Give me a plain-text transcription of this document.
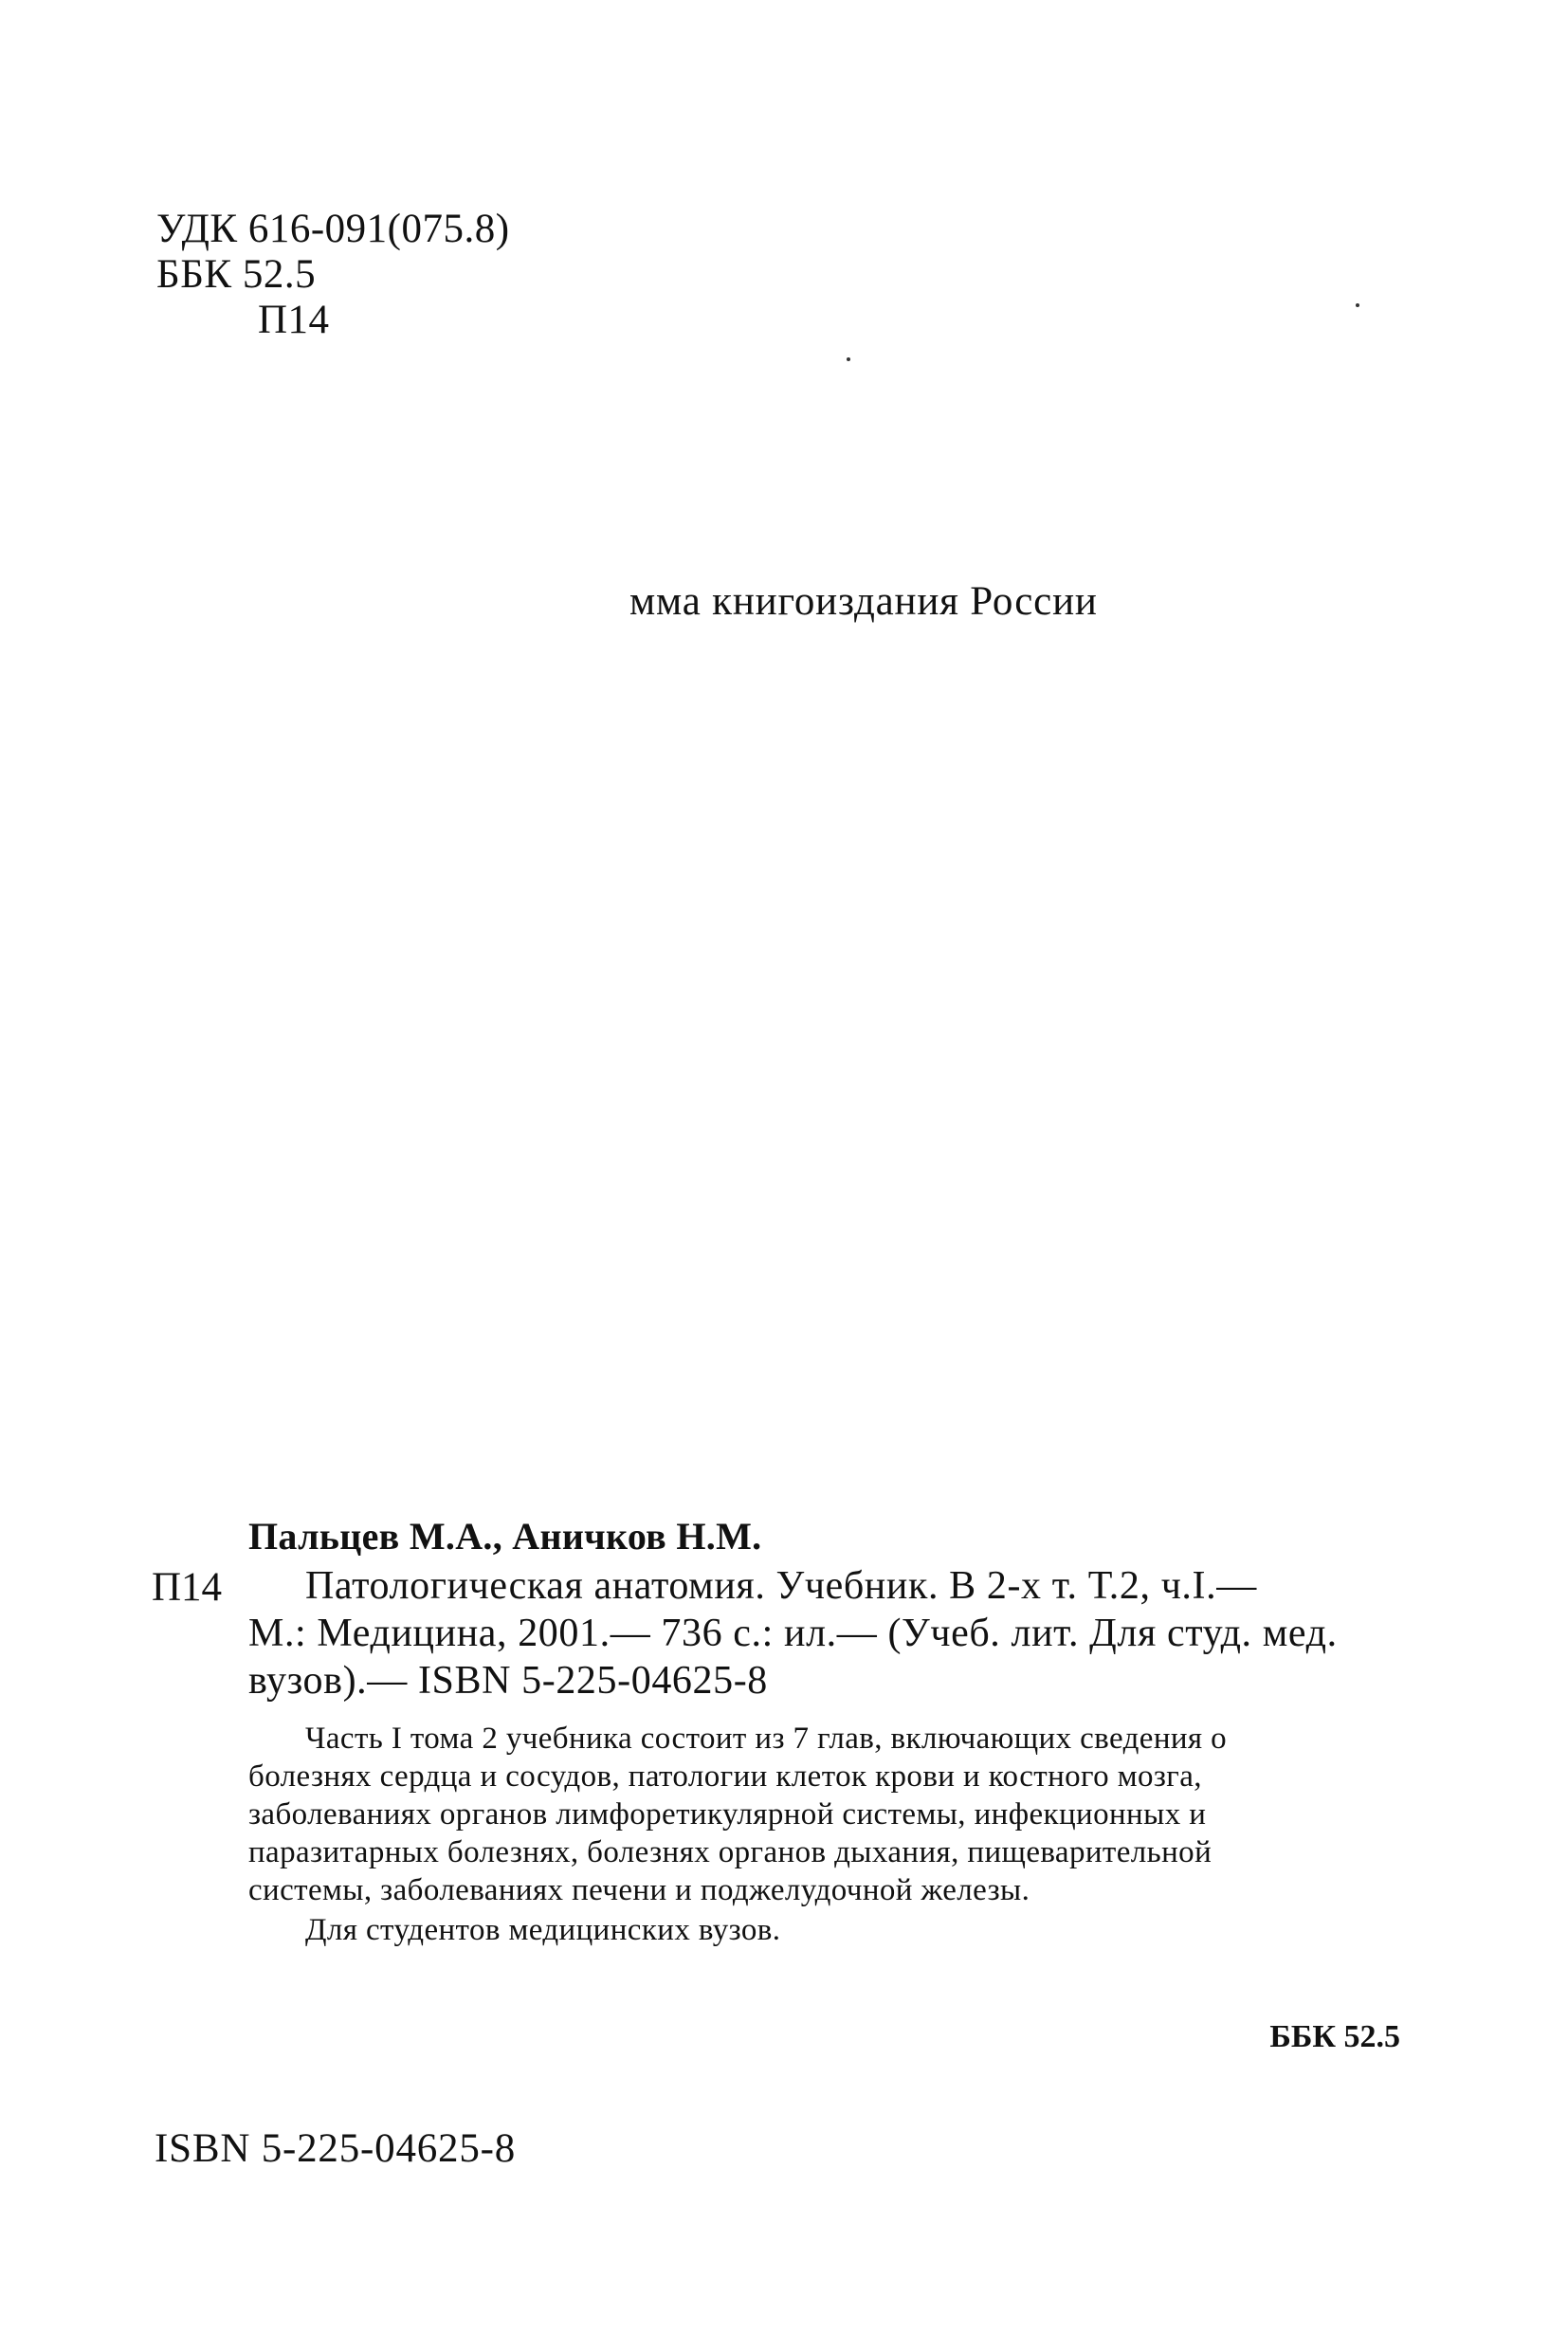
УДК 616-091(075.8)
ББК 52.5
П14
мма книгоиздания России
Пальцев М.А., Аничков Н.М.
П14 Патологическая анатомия. Учебник. В 2-х т. Т.2, ч.I.—
М.: Медицина, 2001.— 736 с.: ил.— (Учеб. лит. Для студ. мед.
вузов).— ISBN 5-225-04625-8
Часть I тома 2 учебника состоит из 7 глав, включающих сведения о
болезнях сердца и сосудов, патологии клеток крови и костного мозга,
заболеваниях органов лимфоретикулярной системы, инфекционных и
паразитарных болезнях, болезнях органов дыхания, пищеварительной
системы, заболеваниях печени и поджелудочной железы.
Для студентов медицинских вузов.
ББК 52.5
ISBN 5-225-04625-8
